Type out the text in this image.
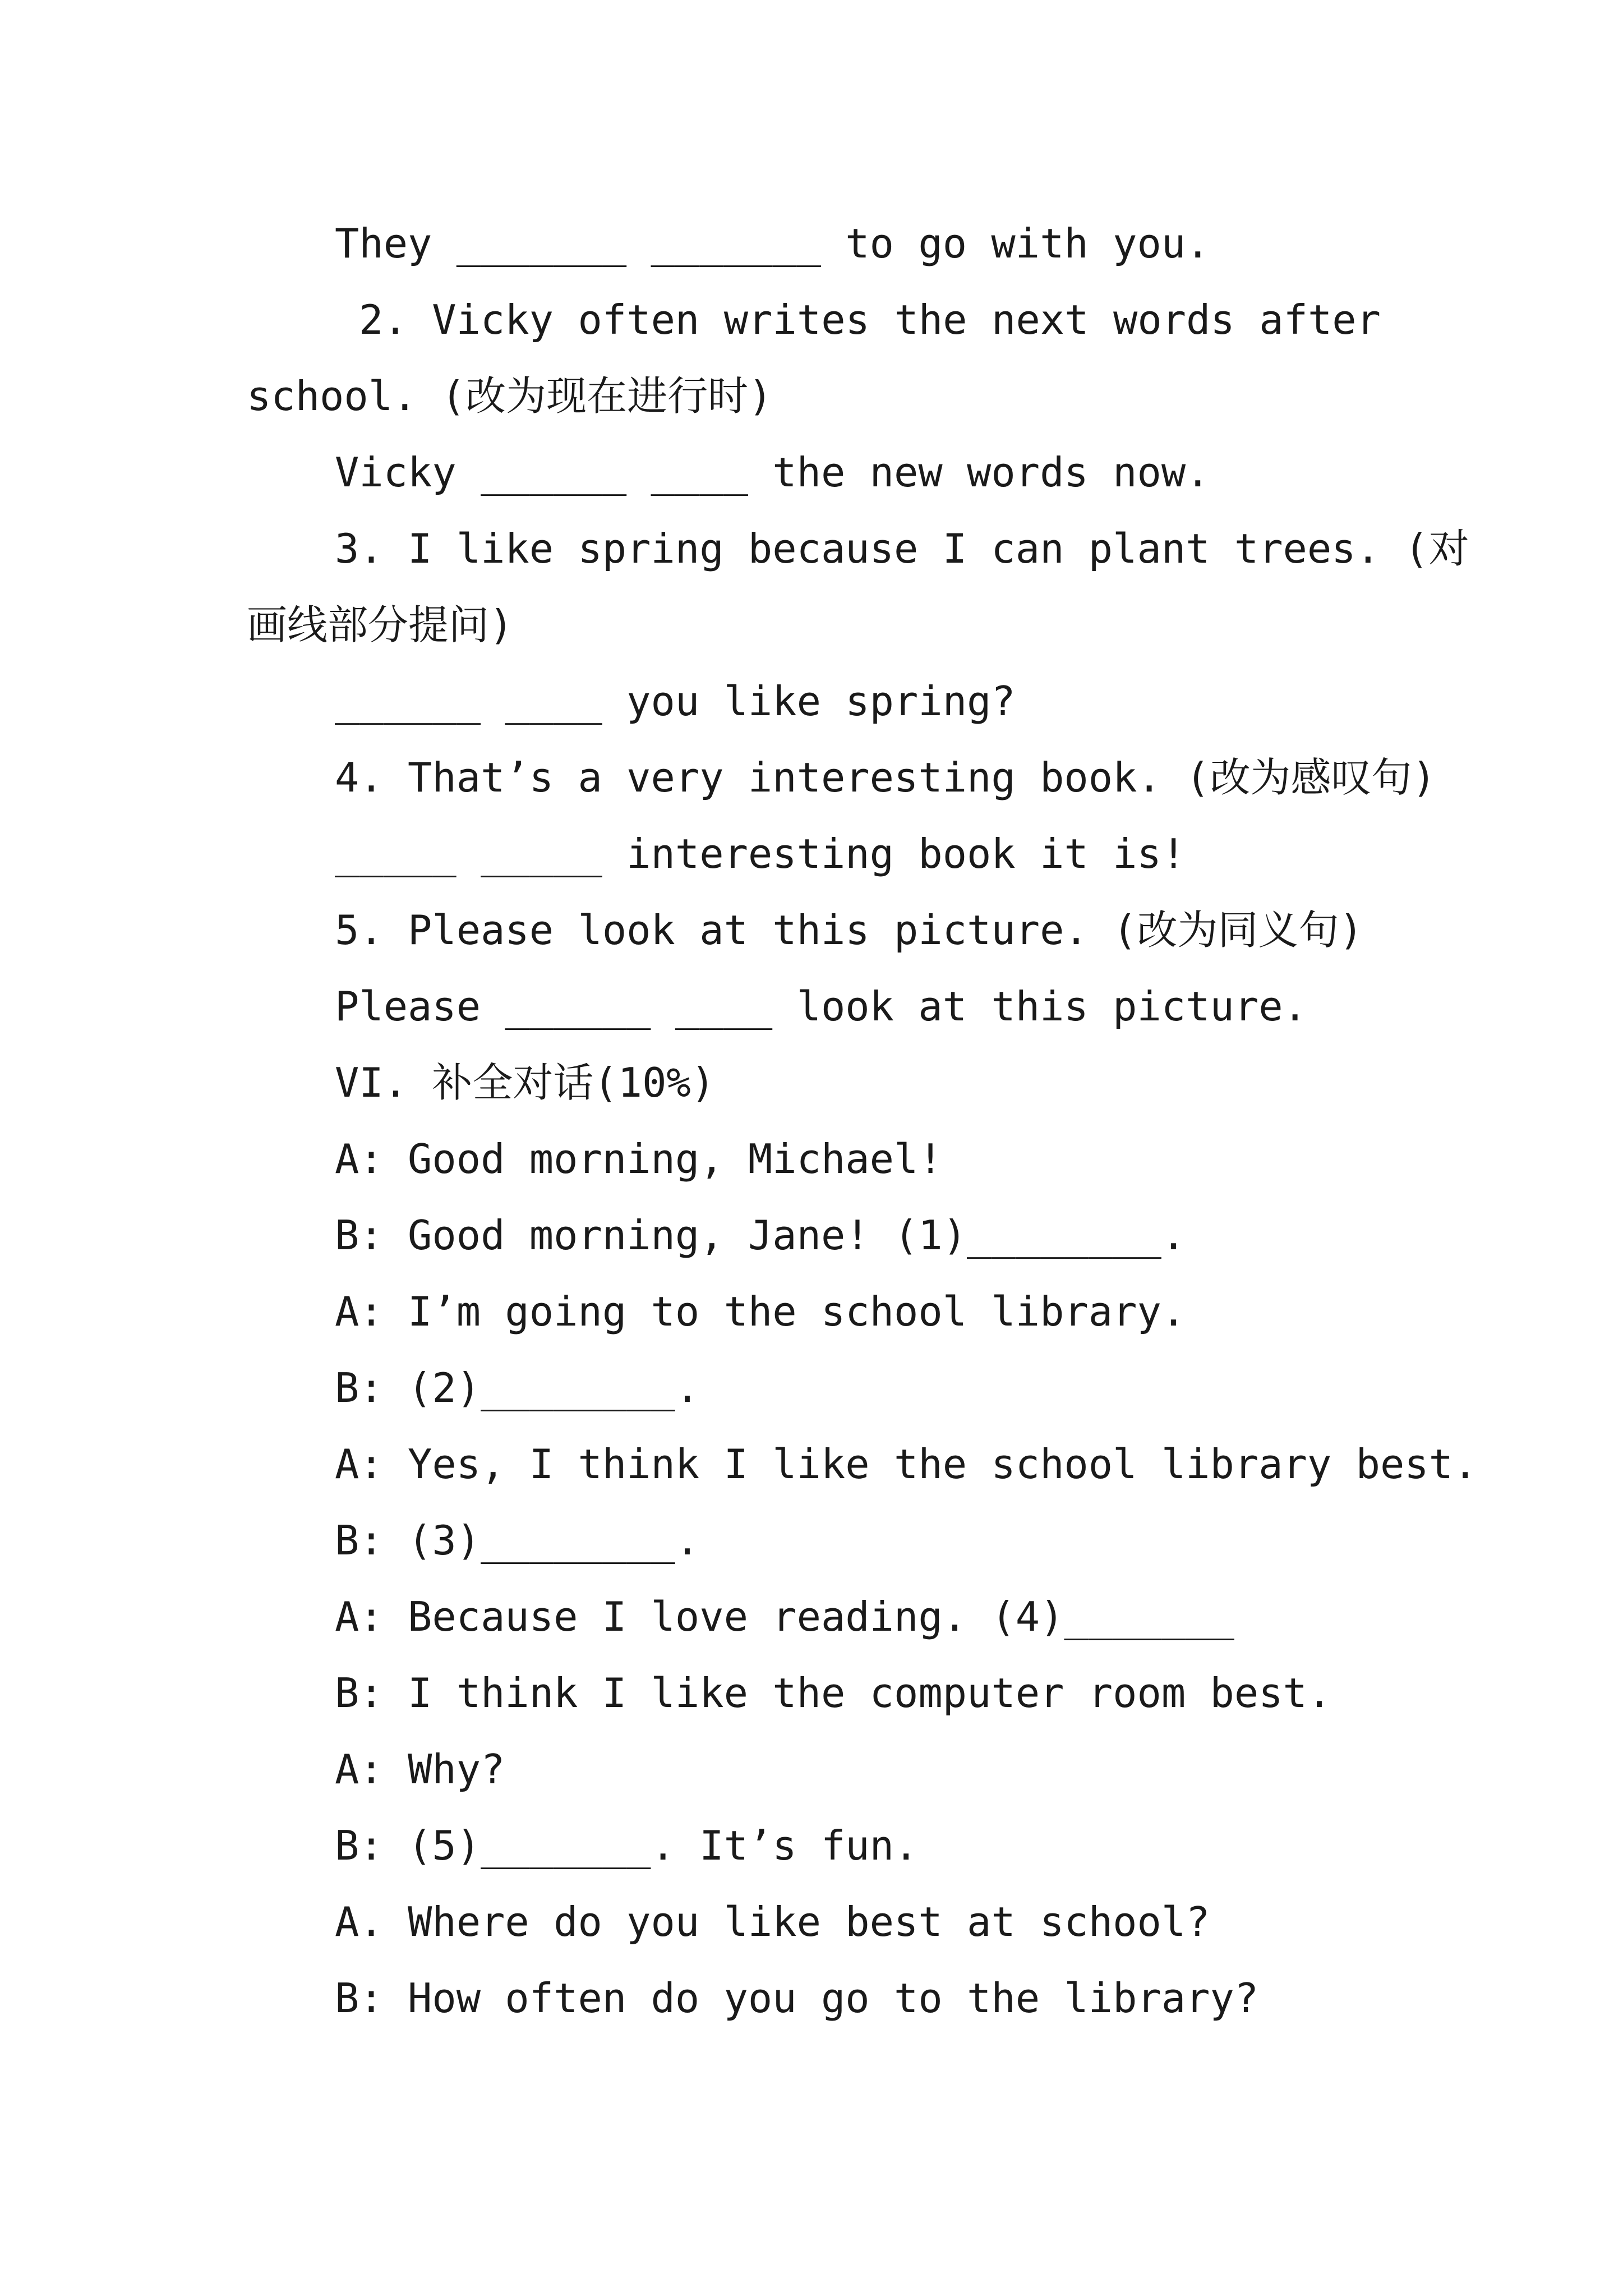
They _______ _______ to go with you.

2. Vicky often writes the next words after

school. (改为现在进行时)

Vicky ______ ____ the new words now.

3. I like spring because I can plant trees. (对

画线部分提问)

______ ____ you like spring?

4. That’s a very interesting book. (改为感叹句)

_____ _____ interesting book it is!

5. Please look at this picture. (改为同义句)

Please ______ ____ look at this picture.

VI. 补全对话(10%)

A: Good morning, Michael!

B: Good morning, Jane! (1)________.

A: I’m going to the school library.

B: (2)________.

A: Yes, I think I like the school library best.

B: (3)________.

A: Because I love reading. (4)_______

B: I think I like the computer room best.

A: Why?

B: (5)_______. It’s fun.

A. Where do you like best at school?

B: How often do you go to the library?
